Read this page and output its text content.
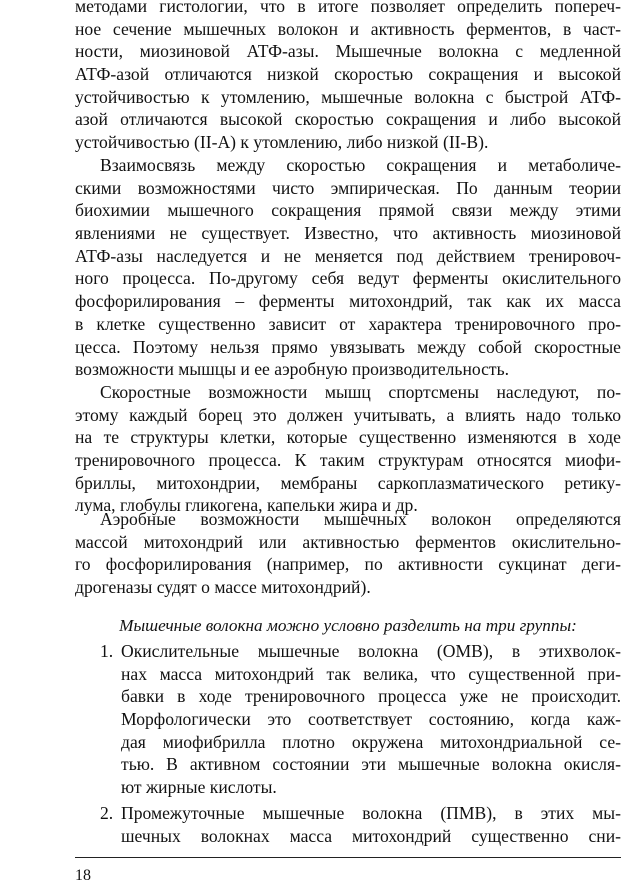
методами гистологии, что в итоге позволяет определить попереч-
ное сечение мышечных волокон и активность ферментов, в част-
ности, миозиновой АТФ-азы. Мышечные волокна с медленной
АТФ-азой отличаются низкой скоростью сокращения и высокой
устойчивостью к утомлению, мышечные волокна с быстрой АТФ-
азой отличаются высокой скоростью сокращения и либо высокой
устойчивостью (II-А) к утомлению, либо низкой (II-В).
Взаимосвязь между скоростью сокращения и метаболиче-
скими возможностями чисто эмпирическая. По данным теории
биохимии мышечного сокращения прямой связи между этими
явлениями не существует. Известно, что активность миозиновой
АТФ-азы наследуется и не меняется под действием тренировоч-
ного процесса. По-другому себя ведут ферменты окислительного
фосфорилирования – ферменты митохондрий, так как их масса
в клетке существенно зависит от характера тренировочного про-
цесса. Поэтому нельзя прямо увязывать между собой скоростные
возможности мышцы и ее аэробную производительность.
Скоростные возможности мышц спортсмены наследуют, по-
этому каждый борец это должен учитывать, а влиять надо только
на те структуры клетки, которые существенно изменяются в ходе
тренировочного процесса. К таким структурам относятся миофи-
бриллы, митохондрии, мембраны саркоплазматического ретику-
лума, глобулы гликогена, капельки жира и др.
Аэробные возможности мышечных волокон определяются
массой митохондрий или активностью ферментов окислительно-
го фосфорилирования (например, по активности сукцинат деги-
дрогеназы судят о массе митохондрий).
Мышечные волокна можно условно разделить на три группы:
1. Окислительные мышечные волокна (ОМВ), в этихволок-
нах масса митохондрий так велика, что существенной при-
бавки в ходе тренировочного процесса уже не происходит.
Морфологически это соответствует состоянию, когда каж-
дая миофибрилла плотно окружена митохондриальной се-
тью. В активном состоянии эти мышечные волокна окисля-
ют жирные кислоты.
2. Промежуточные мышечные волокна (ПМВ), в этих мы-
шечных волокнах масса митохондрий существенно сни-
18
